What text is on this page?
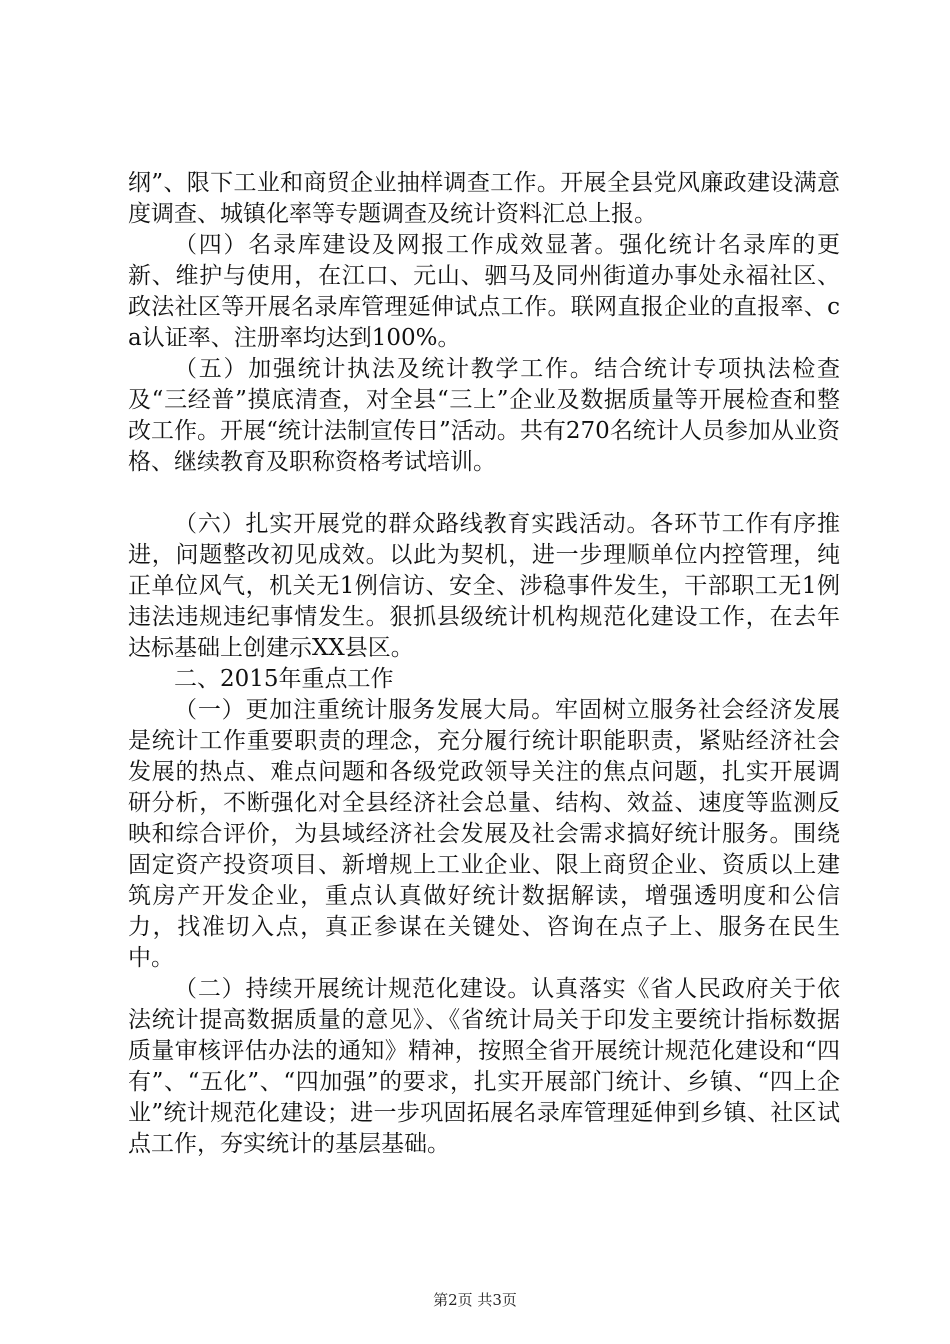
纲”、限下工业和商贸企业抽样调查工作。开展全县党风廉政建设满意度调查、城镇化率等专题调查及统计资料汇总上报。

（四）名录库建设及网报工作成效显著。强化统计名录库的更新、维护与使用，在江口、元山、驷马及同州街道办事处永福社区、政法社区等开展名录库管理延伸试点工作。联网直报企业的直报率、ca认证率、注册率均达到100%。

（五）加强统计执法及统计教学工作。结合统计专项执法检查及“三经普”摸底清查，对全县“三上”企业及数据质量等开展检查和整改工作。开展“统计法制宣传日”活动。共有270名统计人员参加从业资格、继续教育及职称资格考试培训。

（六）扎实开展党的群众路线教育实践活动。各环节工作有序推进，问题整改初见成效。以此为契机，进一步理顺单位内控管理，纯正单位风气，机关无1例信访、安全、涉稳事件发生，干部职工无1例违法违规违纪事情发生。狠抓县级统计机构规范化建设工作，在去年达标基础上创建示XX县区。

二、2015年重点工作

（一）更加注重统计服务发展大局。牢固树立服务社会经济发展是统计工作重要职责的理念，充分履行统计职能职责，紧贴经济社会发展的热点、难点问题和各级党政领导关注的焦点问题，扎实开展调研分析，不断强化对全县经济社会总量、结构、效益、速度等监测反映和综合评价，为县域经济社会发展及社会需求搞好统计服务。围绕固定资产投资项目、新增规上工业企业、限上商贸企业、资质以上建筑房产开发企业，重点认真做好统计数据解读，增强透明度和公信力，找准切入点，真正参谋在关键处、咨询在点子上、服务在民生中。

（二）持续开展统计规范化建设。认真落实《省人民政府关于依法统计提高数据质量的意见》、《省统计局关于印发主要统计指标数据质量审核评估办法的通知》精神，按照全省开展统计规范化建设和“四有”、“五化”、“四加强”的要求，扎实开展部门统计、乡镇、“四上企业”统计规范化建设；进一步巩固拓展名录库管理延伸到乡镇、社区试点工作，夯实统计的基层基础。

第2页 共3页
